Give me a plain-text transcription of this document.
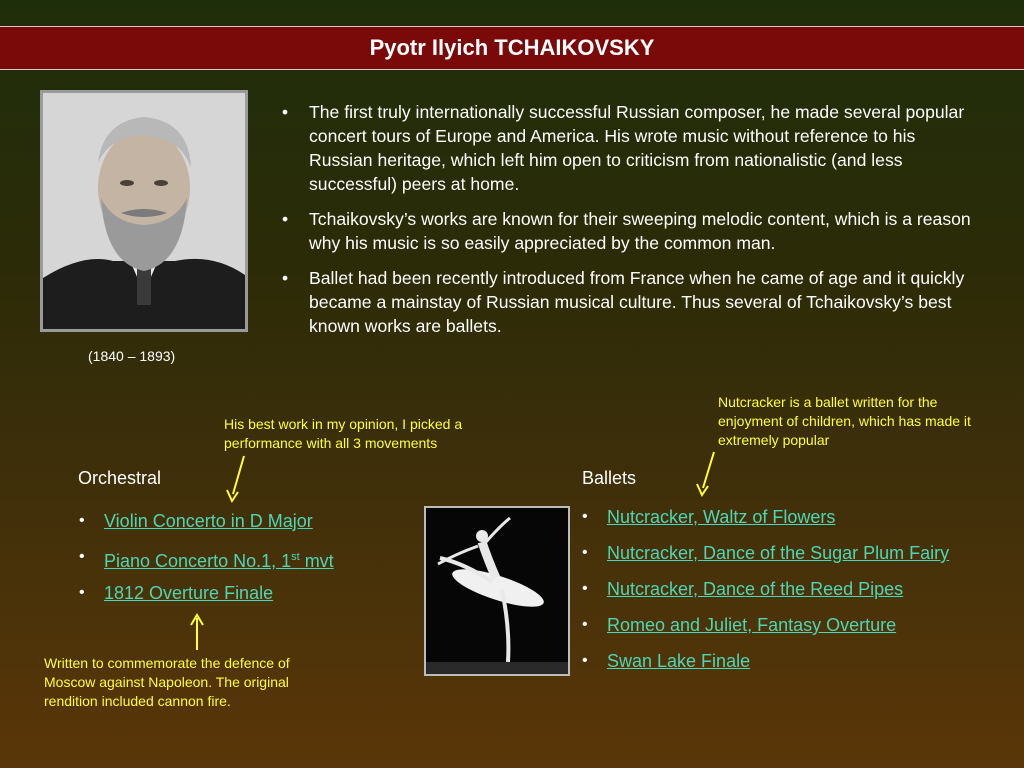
Pyotr Ilyich TCHAIKOVSKY
(1840 – 1893)
• The first truly internationally successful Russian composer, he made several popular concert tours of Europe and America. His wrote music without reference to his Russian heritage, which left him open to criticism from nationalistic (and less successful) peers at home.
• Tchaikovsky’s works are known for their sweeping melodic content, which is a reason why his music is so easily appreciated by the common man.
• Ballet had been recently introduced from France when he came of age and it quickly became a mainstay of Russian musical culture. Thus several of Tchaikovsky’s best known works are ballets.
His best work in my opinion, I picked a performance with all 3 movements
Nutcracker is a ballet written for the enjoyment of children, which has made it extremely popular
Written to commemorate the defence of Moscow against Napoleon. The original rendition included cannon fire.
Orchestral
• Violin Concerto in D Major
• Piano Concerto No.1, 1st mvt
• 1812 Overture Finale
Ballets
• Nutcracker, Waltz of Flowers
• Nutcracker, Dance of the Sugar Plum Fairy
• Nutcracker, Dance of the Reed Pipes
• Romeo and Juliet, Fantasy Overture
• Swan Lake Finale
